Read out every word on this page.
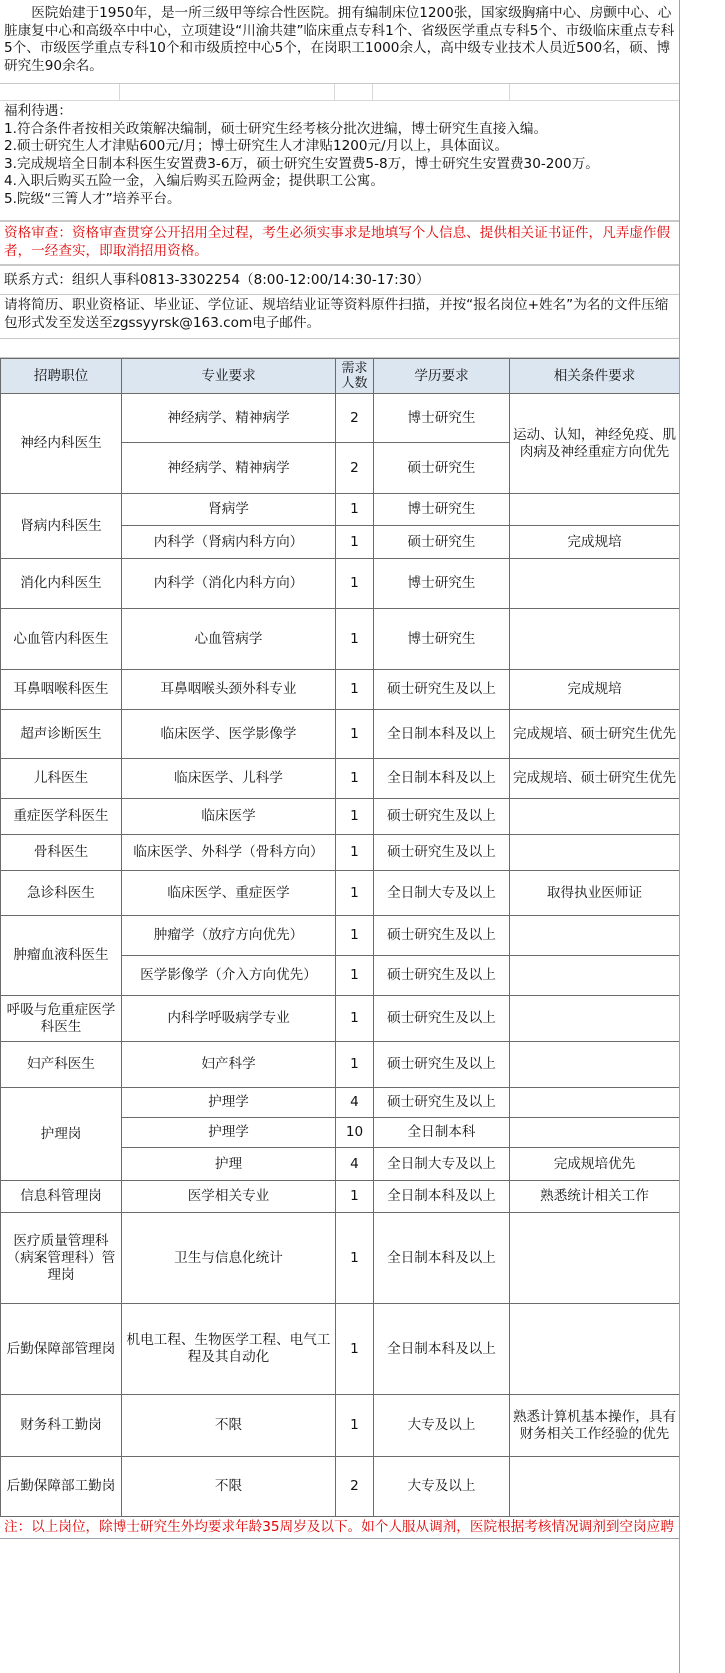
医院始建于1950年，是一所三级甲等综合性医院。拥有编制床位1200张，国家级胸痛中心、房颤中心、心脏康复中心和高级卒中中心，立项建设“川渝共建”临床重点专科1个、省级医学重点专科5个、市级临床重点专科5个、市级医学重点专科10个和市级质控中心5个，在岗职工1000余人，高中级专业技术人员近500名，硕、博研究生90余名。

福利待遇：

1.符合条件者按相关政策解决编制，硕士研究生经考核分批次进编，博士研究生直接入编。

2.硕士研究生人才津贴600元/月；博士研究生人才津贴1200元/月以上，具体面议。

3.完成规培全日制本科医生安置费3-6万，硕士研究生安置费5-8万，博士研究生安置费30-200万。

4.入职后购买五险一金，入编后购买五险两金；提供职工公寓。

5.院级“三箐人才”培养平台。

资格审查：资格审查贯穿公开招用全过程，考生必须实事求是地填写个人信息、提供相关证书证件，凡弄虚作假者，一经查实，即取消招用资格。

联系方式：组织人事科0813-3302254（8:00-12:00/14:30-17:30）

请将简历、职业资格证、毕业证、学位证、规培结业证等资料原件扫描，并按“报名岗位+姓名”为名的文件压缩包形式发至发送至zgssyyrsk@163.com电子邮件。

招聘职位	专业要求	需求人数	学历要求	相关条件要求
神经内科医生	神经病学、精神病学	2	博士研究生	运动、认知，神经免疫、肌肉病及神经重症方向优先
	神经病学、精神病学	2	硕士研究生	
肾病内科医生	肾病学	1	博士研究生	
	内科学（肾病内科方向）	1	硕士研究生	完成规培
消化内科医生	内科学（消化内科方向）	1	博士研究生	
心血管内科医生	心血管病学	1	博士研究生	
耳鼻咽喉科医生	耳鼻咽喉头颈外科专业	1	硕士研究生及以上	完成规培
超声诊断医生	临床医学、医学影像学	1	全日制本科及以上	完成规培、硕士研究生优先
儿科医生	临床医学、儿科学	1	全日制本科及以上	完成规培、硕士研究生优先
重症医学科医生	临床医学	1	硕士研究生及以上	
骨科医生	临床医学、外科学（骨科方向）	1	硕士研究生及以上	
急诊科医生	临床医学、重症医学	1	全日制大专及以上	取得执业医师证
肿瘤血液科医生	肿瘤学（放疗方向优先）	1	硕士研究生及以上	
	医学影像学（介入方向优先）	1	硕士研究生及以上	
呼吸与危重症医学科医生	内科学呼吸病学专业	1	硕士研究生及以上	
妇产科医生	妇产科学	1	硕士研究生及以上	
护理岗	护理学	4	硕士研究生及以上	
	护理学	10	全日制本科	
	护理	4	全日制大专及以上	完成规培优先
信息科管理岗	医学相关专业	1	全日制本科及以上	熟悉统计相关工作
医疗质量管理科（病案管理科）管理岗	卫生与信息化统计	1	全日制本科及以上	
后勤保障部管理岗	机电工程、生物医学工程、电气工程及其自动化	1	全日制本科及以上	
财务科工勤岗	不限	1	大专及以上	熟悉计算机基本操作，具有财务相关工作经验的优先
后勤保障部工勤岗	不限	2	大专及以上	
注：以上岗位，除博士研究生外均要求年龄35周岁及以下。如个人服从调剂，医院根据考核情况调剂到空岗应聘
